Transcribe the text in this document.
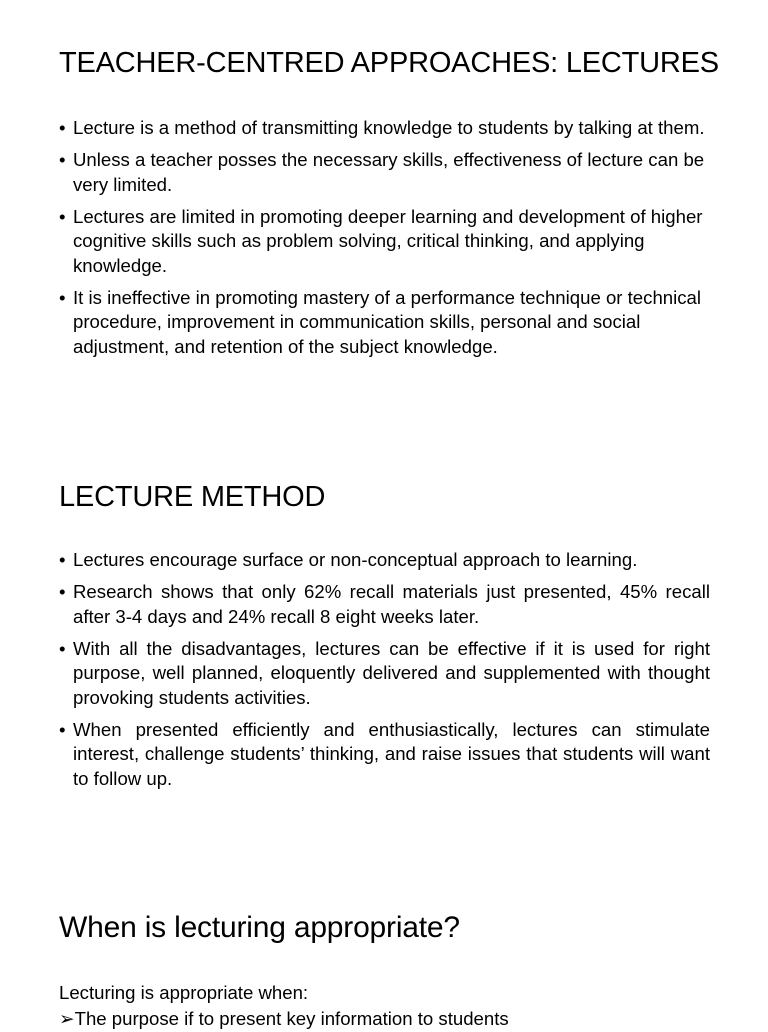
TEACHER-CENTRED APPROACHES: LECTURES
• Lecture is a method of transmitting knowledge to students by talking at them.
• Unless a teacher posses the necessary skills, effectiveness of lecture can be very limited.
• Lectures are limited in promoting deeper learning and development of higher cognitive skills such as problem solving, critical thinking, and applying knowledge.
• It is ineffective in promoting mastery of a performance technique or technical procedure, improvement in communication skills, personal and social adjustment, and retention of the subject knowledge.
LECTURE METHOD
• Lectures encourage surface or non-conceptual approach to learning.
• Research shows that only 62% recall materials just presented, 45% recall after 3-4 days and 24% recall 8 eight weeks later.
• With all the disadvantages, lectures can be effective if it is used for right purpose, well planned, eloquently delivered and supplemented with thought provoking students activities.
• When presented efficiently and enthusiastically, lectures can stimulate interest, challenge students’ thinking, and raise issues that students will want to follow up.
When is lecturing appropriate?

Lecturing is appropriate when:

➢The purpose if to present key information to students
